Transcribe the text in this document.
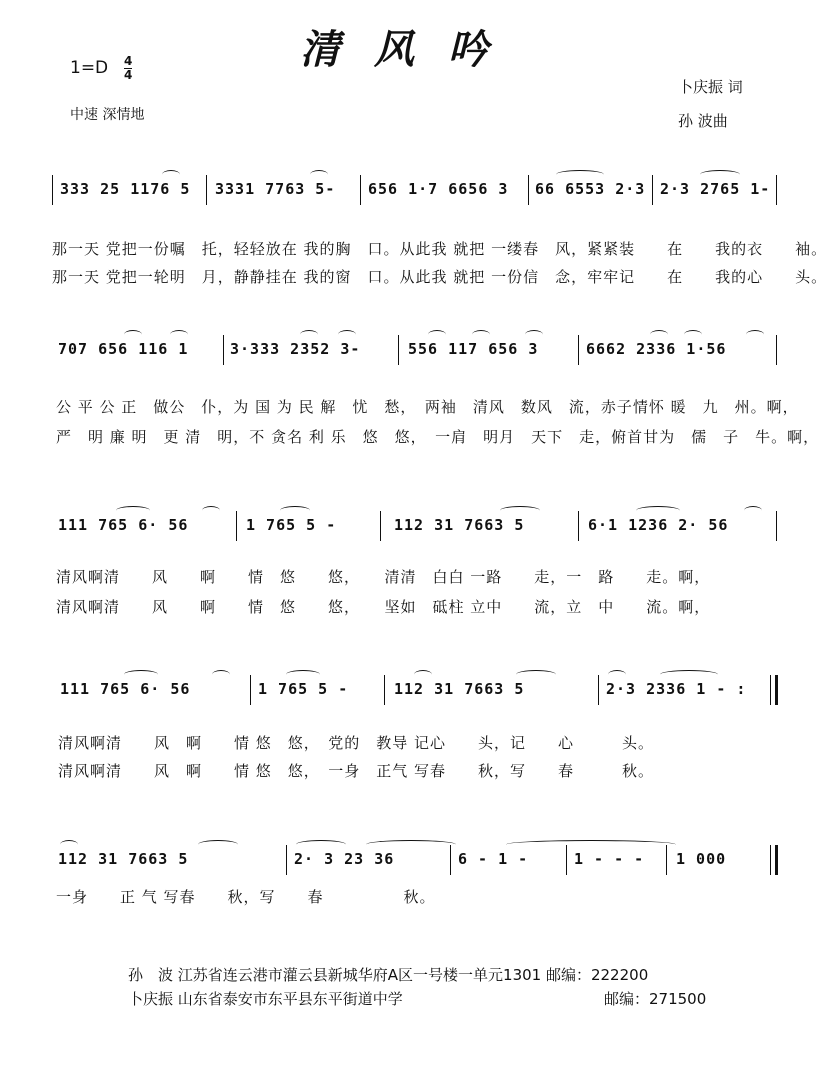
清风吟
1=D 4
4
中速 深情地
卜庆振 词
孙 波曲
333 25 1176 5 3331 7763 5- 656 1·7 6656 3 66 6553 2·3 2·3 2765 1-
那一天 党把一份嘱　托，轻轻放在 我的胸　口。从此我 就把 一缕春　风，紧紧装　　在　　我的衣　　袖。
那一天 党把一轮明　月，静静挂在 我的窗　口。从此我 就把 一份信　念，牢牢记　　在　　我的心　　头。
707 656 116 1	3·333 2352 3-	556 117 656 3	6662 2336 1·56
公 平 公 正　做公　仆，为 国 为 民 解　忧　愁，　两袖　清风　数风　流，赤子情怀 暖　九　州。啊，
严　明 廉 明　更 清　明，不 贪名 利 乐　悠　悠，　一肩　明月　天下　走，俯首甘为　儒　子　牛。啊，
111 765 6· 56	1 765 5 -	112 31 7663 5	6·1 1236 2· 56
清风啊清　　风　　啊　　情　悠　　悠，　　清清　白白 一路　　走，一　路　　走。啊，
清风啊清　　风　　啊　　情　悠　　悠，　　坚如　砥柱 立中　　流，立　中　　流。啊，
111 765 6· 56	1 765 5 -	112 31 7663 5	2·3 2336 1 - :
清风啊清　　风　啊　　情 悠　悠，　党的　教导 记心　　头，记　　心　　　头。
清风啊清　　风　啊　　情 悠　悠，　一身　正气 写春　　秋，写　　春　　　秋。
112 31 7663 5	2· 3 23 36	6 - 1 -	1 - - - 1 000
一身　　正 气 写春　　秋，写　　春　　　　　秋。
孙　波 江苏省连云港市灌云县新城华府A区一号楼一单元1301 邮编：222200
卜庆振 山东省泰安市东平县东平街道中学	邮编：271500
